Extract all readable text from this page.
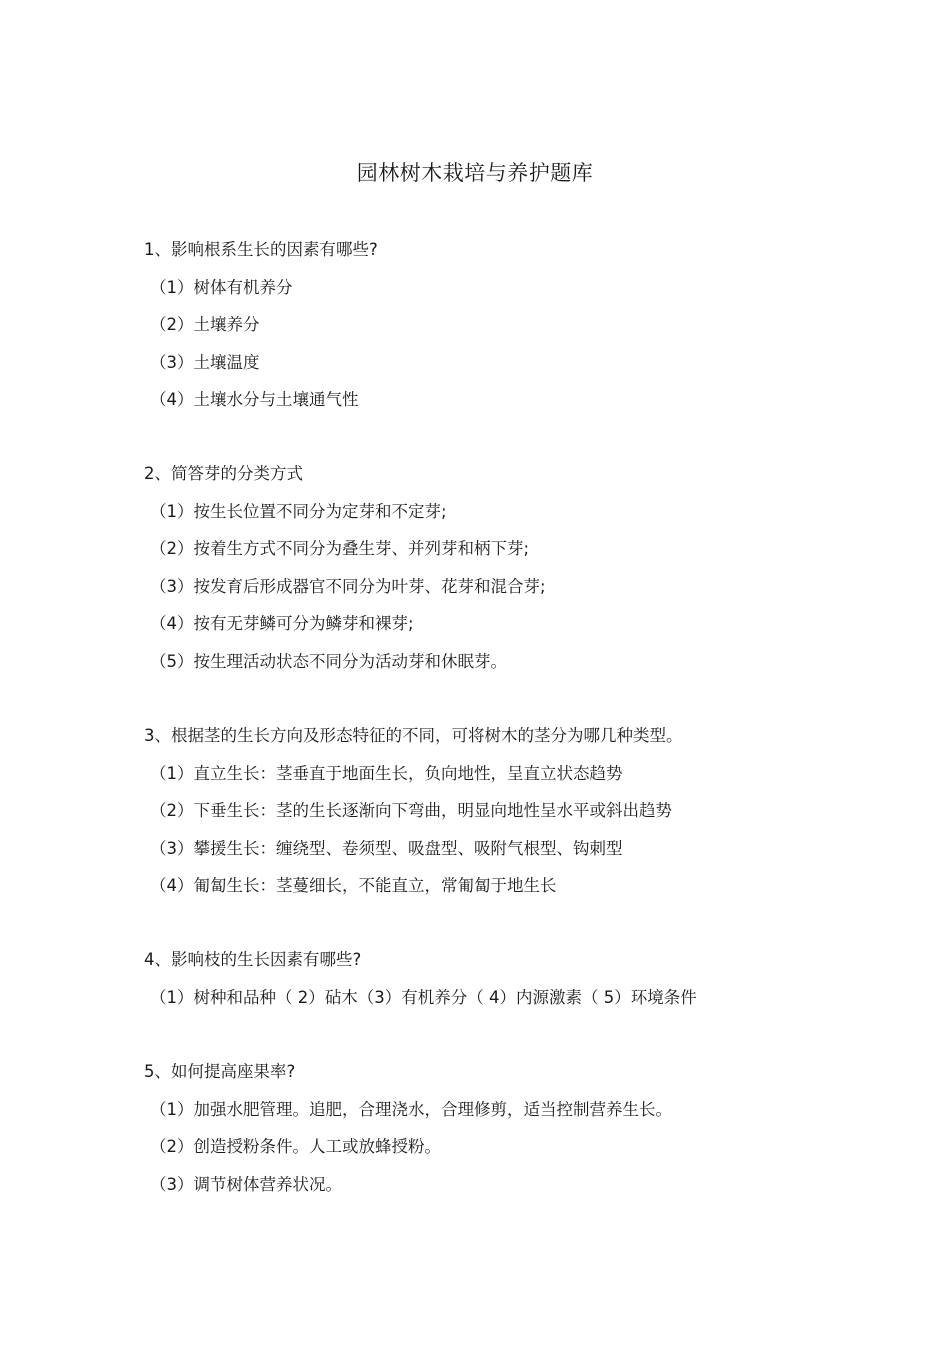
园林树木栽培与养护题库
1、影响根系生长的因素有哪些?
（1）树体有机养分
（2）土壤养分
（3）土壤温度
（4）土壤水分与土壤通气性
2、简答芽的分类方式
（1）按生长位置不同分为定芽和不定芽;
（2）按着生方式不同分为叠生芽、并列芽和柄下芽;
（3）按发育后形成器官不同分为叶芽、花芽和混合芽;
（4）按有无芽鳞可分为鳞芽和裸芽;
（5）按生理活动状态不同分为活动芽和休眠芽。
3、根据茎的生长方向及形态特征的不同，可将树木的茎分为哪几种类型。
（1）直立生长：茎垂直于地面生长，负向地性，呈直立状态趋势
（2）下垂生长：茎的生长逐渐向下弯曲，明显向地性呈水平或斜出趋势
（3）攀援生长：缠绕型、卷须型、吸盘型、吸附气根型、钩刺型
（4）匍匐生长：茎蔓细长，不能直立，常匍匐于地生长
4、影响枝的生长因素有哪些?
（1）树种和品种（ 2）砧木（3）有机养分（ 4）内源激素（ 5）环境条件
5、如何提高座果率?
（1）加强水肥管理。追肥，合理浇水，合理修剪，适当控制营养生长。
（2）创造授粉条件。人工或放蜂授粉。
（3）调节树体营养状况。
